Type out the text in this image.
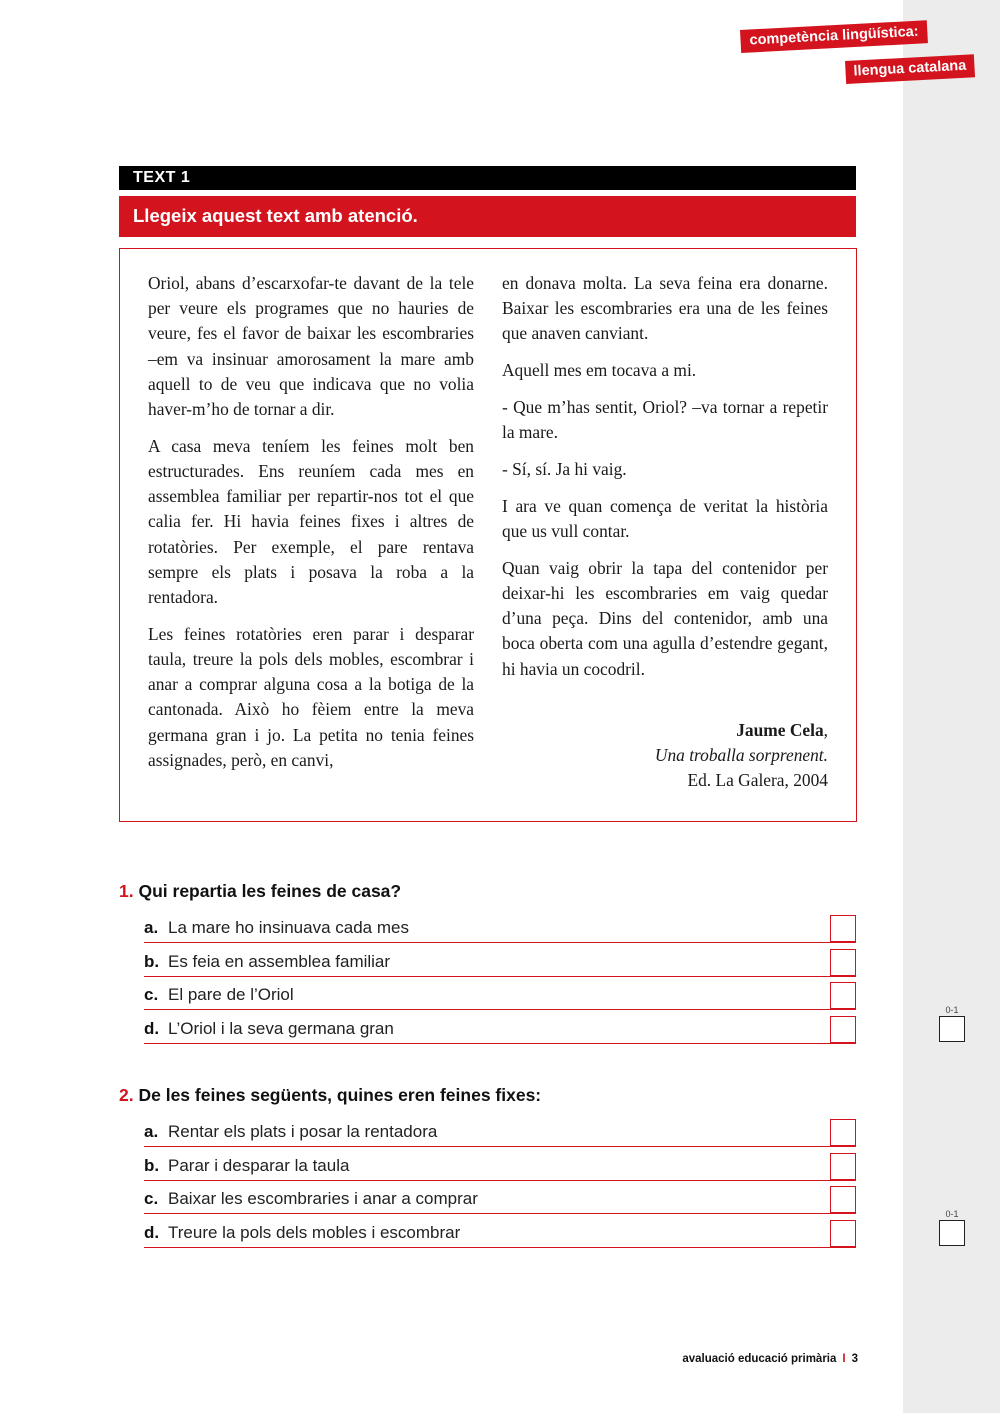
competència lingüística:
llengua catalana
TEXT 1
Llegeix aquest text amb atenció.

Oriol, abans d’escarxofar-te davant de la tele per veure els programes que no hauries de veure, fes el favor de baixar les escombraries –em va insinuar amorosament la mare amb aquell to de veu que indicava que no volia haver-m’ho de tornar a dir.

A casa meva teníem les feines molt ben estructurades. Ens reuníem cada mes en assemblea familiar per repartir-nos tot el que calia fer. Hi havia feines fixes i altres de rotatòries. Per exemple, el pare rentava sempre els plats i posava la roba a la rentadora.

Les feines rotatòries eren parar i desparar taula, treure la pols dels mobles, escombrar i anar a comprar alguna cosa a la botiga de la cantonada. Això ho fèiem entre la meva germana gran i jo. La petita no tenia feines assignades, però, en canvi,

en donava molta. La seva feina era donarne. Baixar les escombraries era una de les feines que anaven canviant.

Aquell mes em tocava a mi.

- Que m’has sentit, Oriol? –va tornar a repetir la mare.

- Sí, sí. Ja hi vaig.

I ara ve quan comença de veritat la història que us vull contar.

Quan vaig obrir la tapa del contenidor per deixar-hi les escombraries em vaig quedar d’una peça. Dins del contenidor, amb una boca oberta com una agulla d’estendre gegant, hi havia un cocodril.

Jaume Cela,
Una troballa sorprenent.
Ed. La Galera, 2004
1. Qui repartia les feines de casa?
a. La mare ho insinuava cada mes
b. Es feia en assemblea familiar
c. El pare de l’Oriol
d. L’Oriol i la seva germana gran
0-1
2. De les feines següents, quines eren feines fixes:
a. Rentar els plats i posar la rentadora
b. Parar i desparar la taula
c. Baixar les escombraries i anar a comprar
d. Treure la pols dels mobles i escombrar
0-1
avaluació educació primària I 3
